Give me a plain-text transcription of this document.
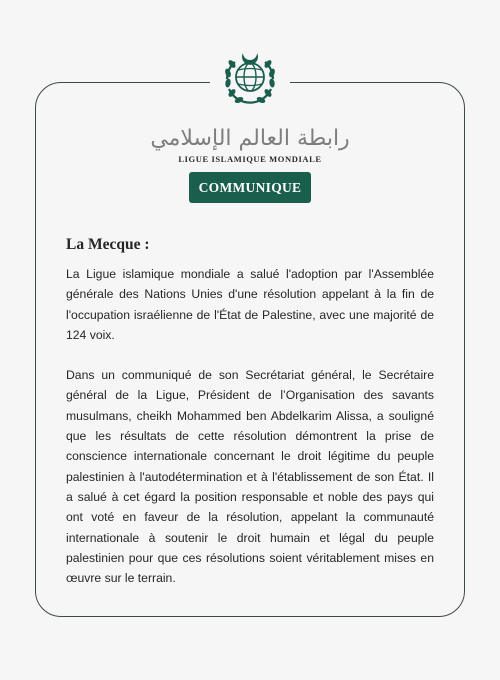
رابطة العالم الإسلامي
LIGUE ISLAMIQUE MONDIALE
COMMUNIQUE
La Mecque :

La Ligue islamique mondiale a salué l'adoption par l'Assemblée générale des Nations Unies d'une résolution appelant à la fin de l'occupation israélienne de l'État de Palestine, avec une majorité de 124 voix.

Dans un communiqué de son Secrétariat général, le Secrétaire général de la Ligue, Président de l’Organisation des savants musulmans, cheikh Mohammed ben Abdelkarim Alissa, a souligné que les résultats de cette résolution démontrent la prise de conscience internationale concernant le droit légitime du peuple palestinien à l'autodétermination et à l'établissement de son État. Il a salué à cet égard la position responsable et noble des pays qui ont voté en faveur de la résolution, appelant la communauté internationale à soutenir le droit humain et légal du peuple palestinien pour que ces résolutions soient véritablement mises en œuvre sur le terrain.
